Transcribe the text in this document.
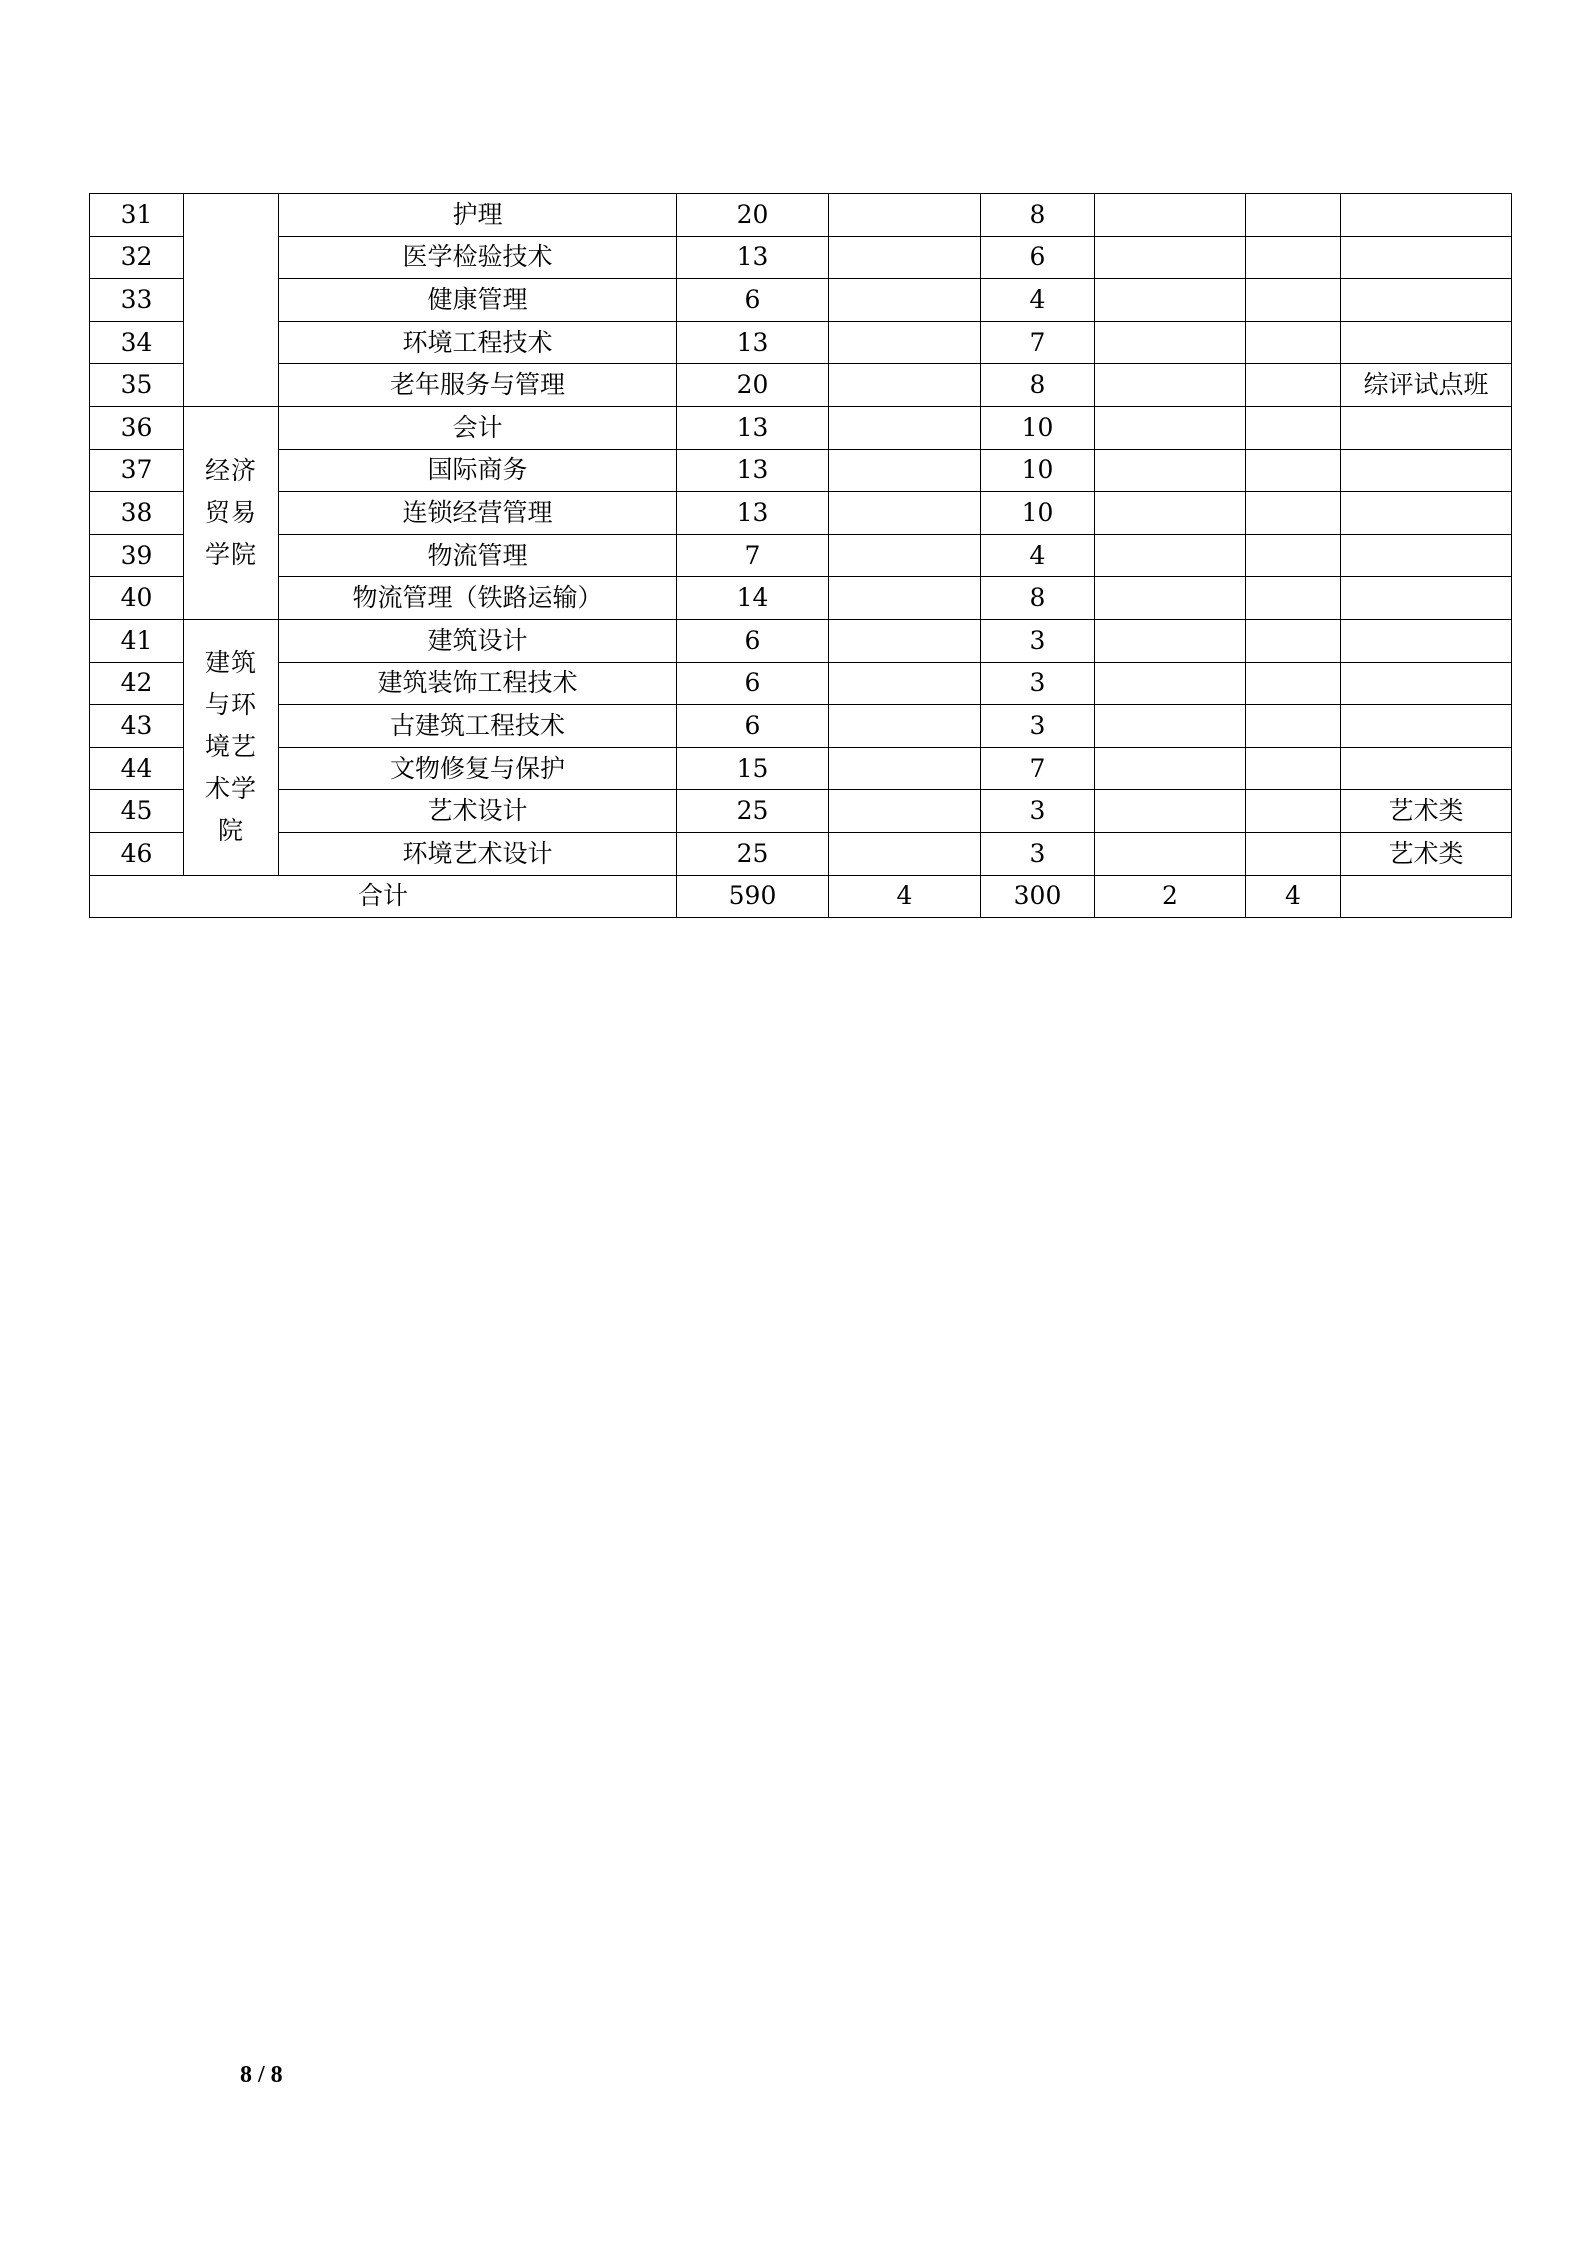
31		护理	20		8			
32		医学检验技术	13		6			
33		健康管理	6		4			
34		环境工程技术	13		7			
35		老年服务与管理	20		8			综评试点班
36	经济贸易学院	会计	13		10			
37		国际商务	13		10			
38		连锁经营管理	13		10			
39		物流管理	7		4			
40		物流管理（铁路运输）	14		8			
41	建筑与环境艺术学院	建筑设计	6		3			
42		建筑装饰工程技术	6		3			
43		古建筑工程技术	6		3			
44		文物修复与保护	15		7			
45		艺术设计	25		3			艺术类
46		环境艺术设计	25		3			艺术类
合计			590	4	300	2	4	
8 / 8
